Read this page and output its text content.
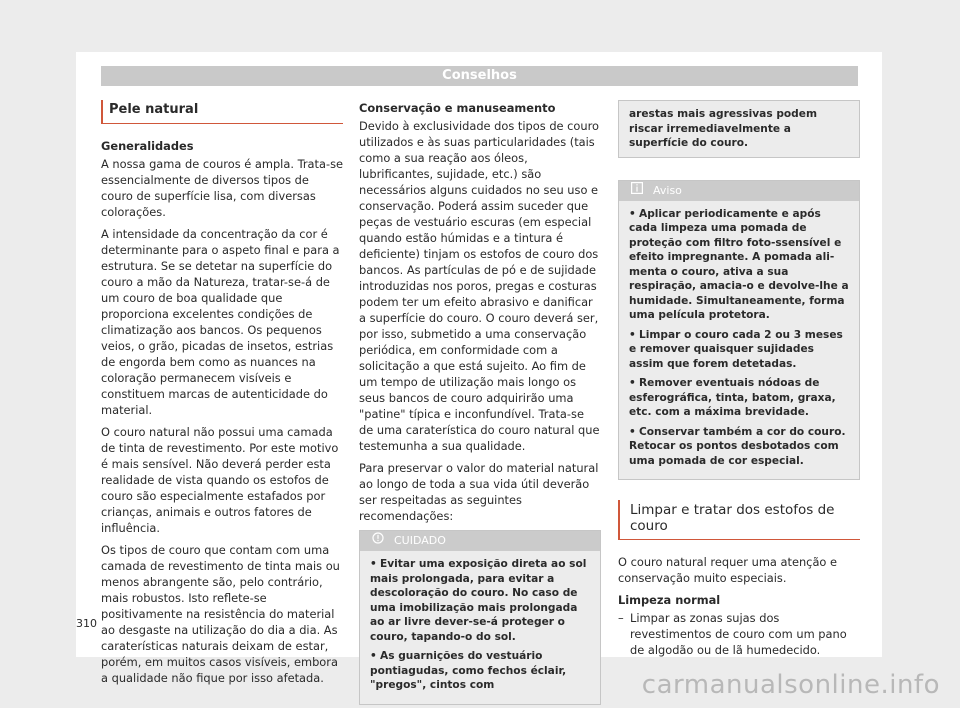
Conselhos
Pele natural

Generalidades

A nossa gama de couros é ampla. Trata-se essencialmente de diversos tipos de couro de superfície lisa, com diversas colorações.

A intensidade da concentração da cor é determinante para o aspeto final e para a estrutura. Se se detetar na superfície do couro a mão da Natureza, tratar-se-á de um couro de boa qualidade que proporciona excelentes condições de climatização aos bancos. Os pequenos veios, o grão, picadas de insetos, estrias de engorda bem como as nuances na coloração permanecem visíveis e constituem marcas de autenticidade do material.

O couro natural não possui uma camada de tinta de revestimento. Por este motivo é mais sensível. Não deverá perder esta realidade de vista quando os estofos de couro são especialmente estafados por crianças, animais e outros fatores de influência.

Os tipos de couro que contam com uma camada de revestimento de tinta mais ou menos abrangente são, pelo contrário, mais robustos. Isto reflete-se positivamente na resistência do material ao desgaste na utilização do dia a dia. As caraterísticas naturais deixam de estar, porém, em muitos casos visíveis, embora a qualidade não fique por isso afetada.

Conservação e manuseamento

Devido à exclusividade dos tipos de couro utilizados e às suas particularidades (tais como a sua reação aos óleos, lubrificantes, sujidade, etc.) são necessários alguns cuidados no seu uso e conservação. Poderá assim suceder que peças de vestuário escuras (em especial quando estão húmidas e a tintura é deficiente) tinjam os estofos de couro dos bancos. As partículas de pó e de sujidade introduzidas nos poros, pregas e costuras podem ter um efeito abrasivo e danificar a superfície do couro. O couro deverá ser, por isso, submetido a uma conservação periódica, em conformidade com a solicitação a que está sujeito. Ao fim de um tempo de utilização mais longo os seus bancos de couro adquirirão uma "patine" típica e inconfundível. Trata-se de uma caraterística do couro natural que testemunha a sua qualidade.

Para preservar o valor do material natural ao longo de toda a sua vida útil deverão ser respeitadas as seguintes recomendações:

CUIDADO

• Evitar uma exposição direta ao sol mais prolongada, para evitar a descoloração do couro. No caso de uma imobilização mais prolongada ao ar livre dever-se-á proteger o couro, tapando-o do sol.

• As guarnições do vestuário pontiagudas, como fechos éclair, "pregos", cintos com

arestas mais agressivas podem riscar irremediavelmente a superfície do couro.
Aviso

• Aplicar periodicamente e após cada limpeza uma pomada de proteção com filtro foto-ssensível e efeito impregnante. A pomada alimenta o couro, ativa a sua respiração, amacia-o e devolve-lhe a humidade. Simultaneamente, forma uma película protetora.

• Limpar o couro cada 2 ou 3 meses e remover quaisquer sujidades assim que forem detetadas.

• Remover eventuais nódoas de esferográfica, tinta, batom, graxa, etc. com a máxima brevidade.

• Conservar também a cor do couro. Retocar os pontos desbotados com uma pomada de cor especial.

Limpar e tratar dos estofos de couro

O couro natural requer uma atenção e conservação muito especiais.

Limpeza normal

– Limpar as zonas sujas dos revestimentos de couro com um pano de algodão ou de lã humedecido.
310
carmanualsonline.info
